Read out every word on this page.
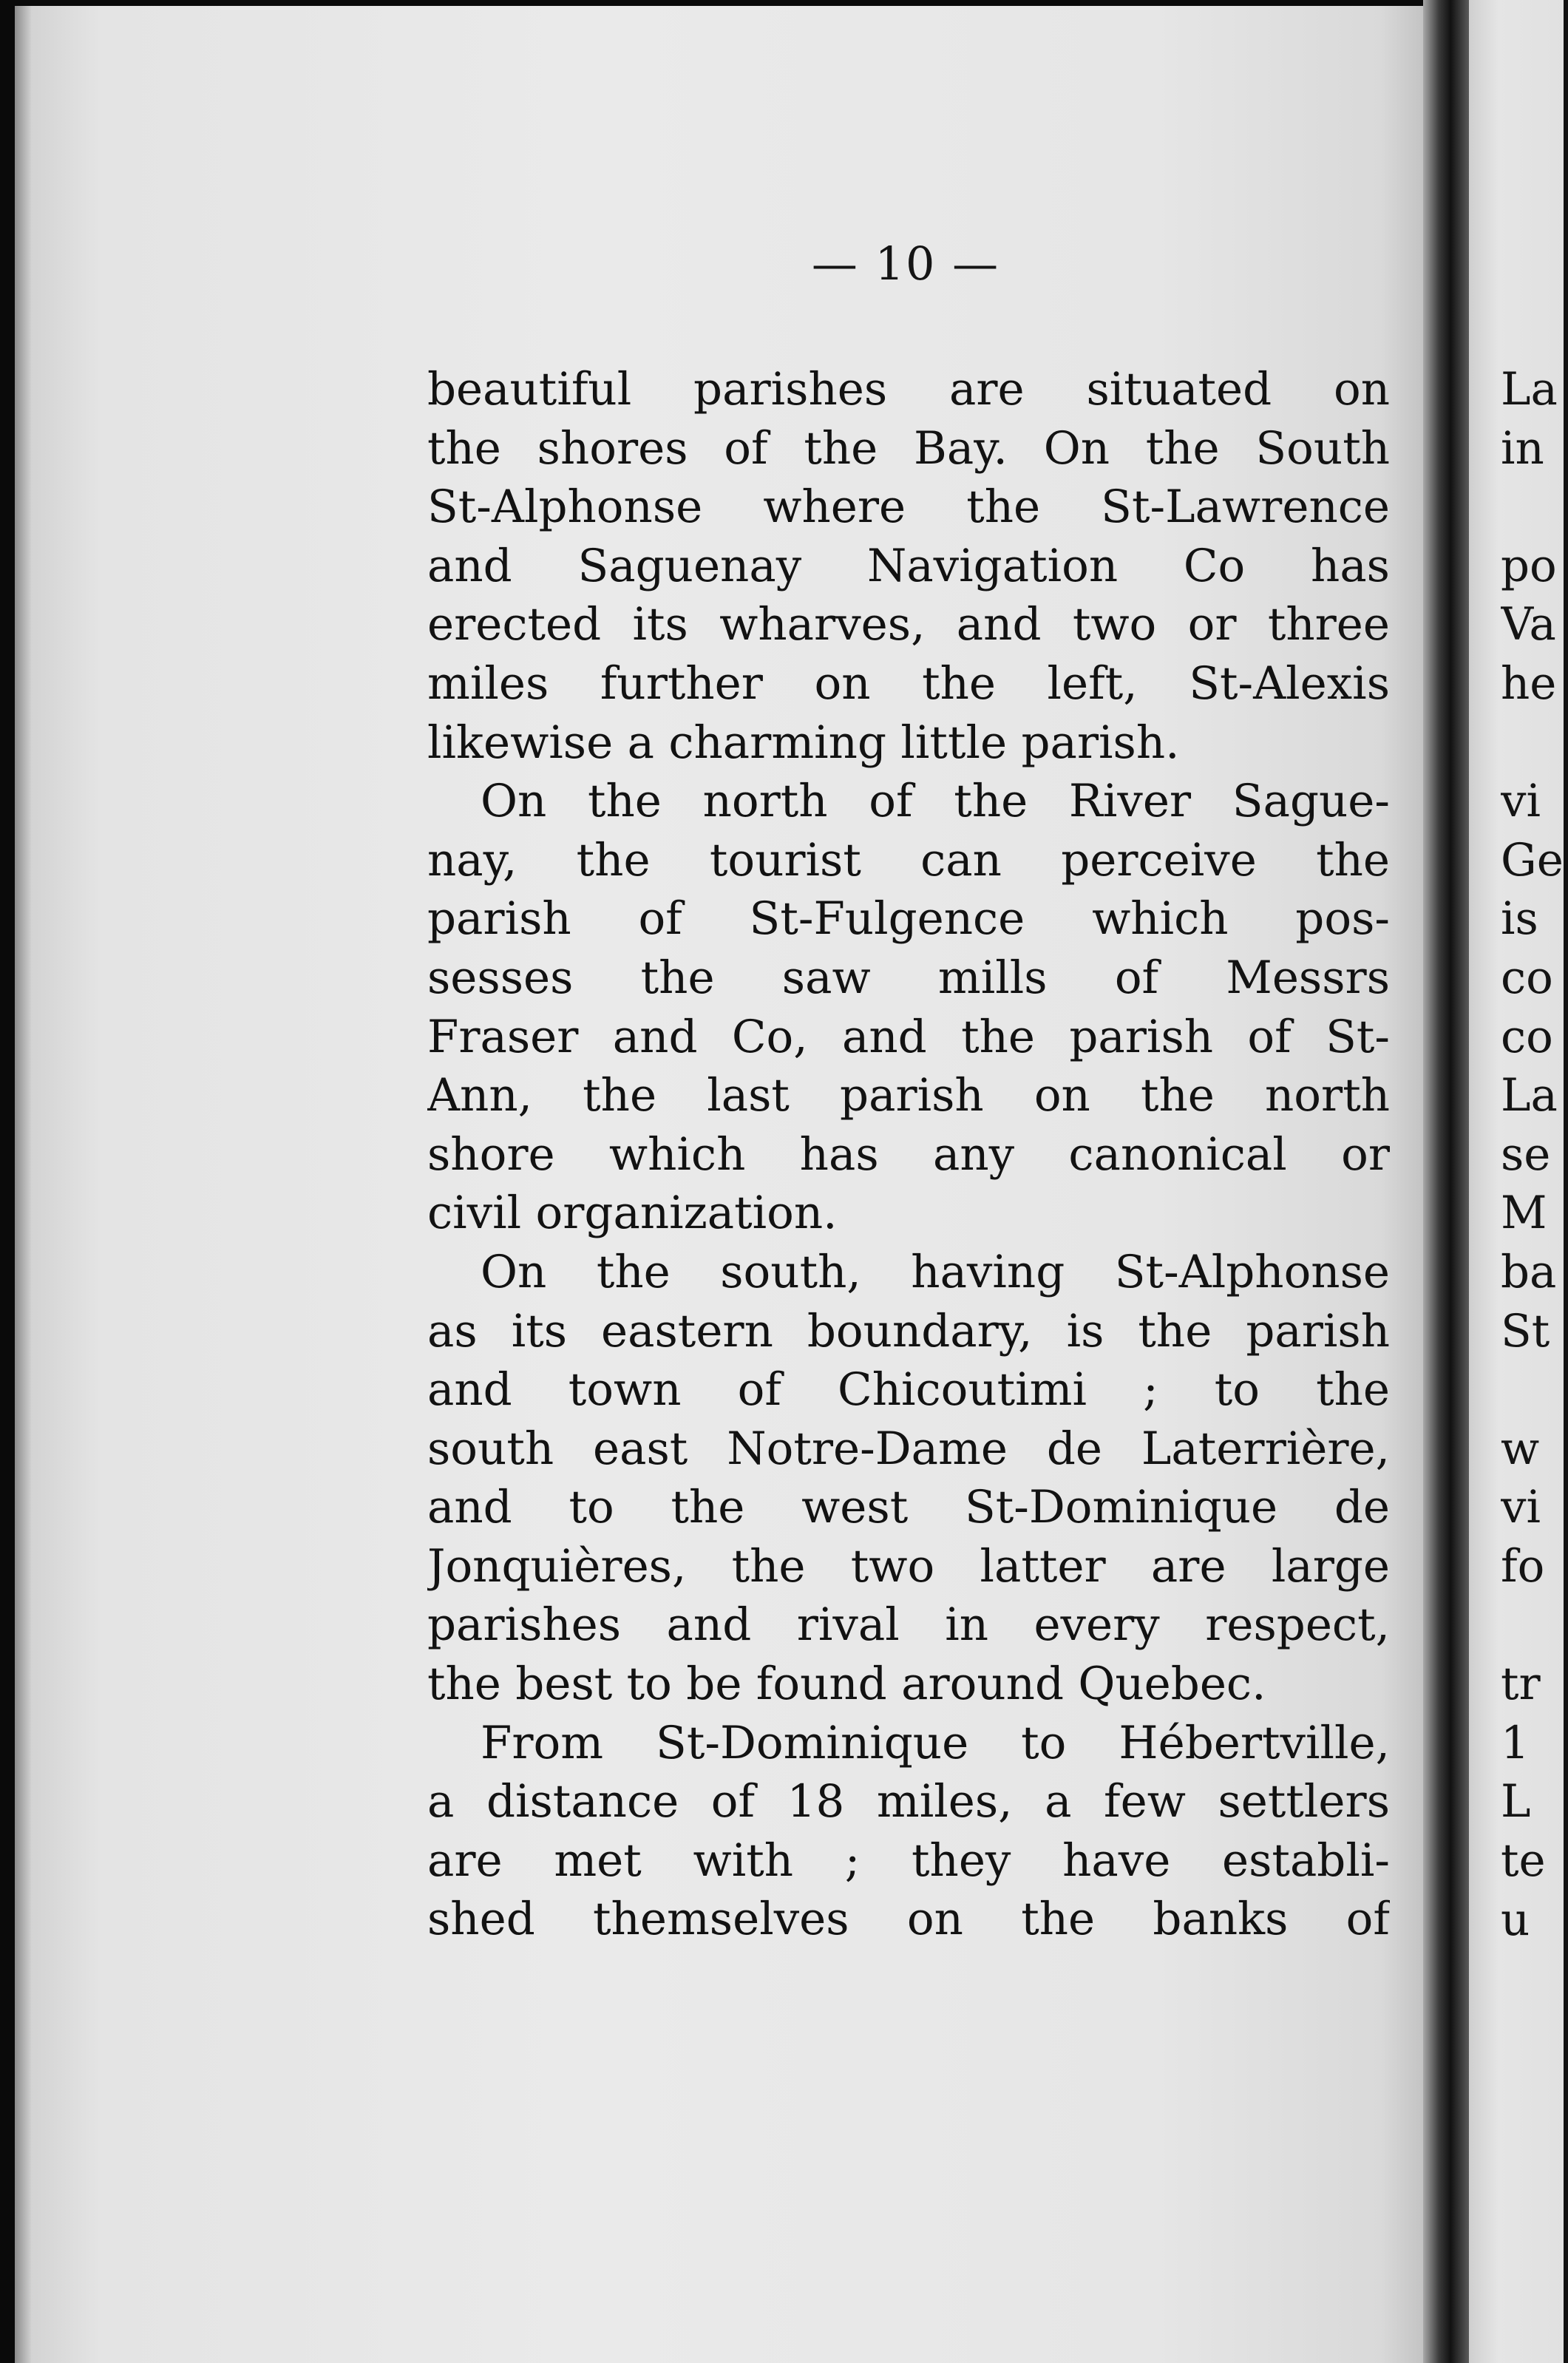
— 10 —
beautiful parishes are situated on
the shores of the Bay. On the South
St-Alphonse where the St-Lawrence
and Saguenay Navigation Co has
erected its wharves, and two or three
miles further on the left, St-Alexis
likewise a charming little parish.
On the north of the River Sague-
nay, the tourist can perceive the
parish of St-Fulgence which pos-
sesses the saw mills of Messrs
Fraser and Co, and the parish of St-
Ann, the last parish on the north
shore which has any canonical or
civil organization.
On the south, having St-Alphonse
as its eastern boundary, is the parish
and town of Chicoutimi ; to the
south east Notre-Dame de Laterrière,
and to the west St-Dominique de
Jonquières, the two latter are large
parishes and rival in every respect,
the best to be found around Quebec.
From St-Dominique to Hébertville,
a distance of 18 miles, a few settlers
are met with ; they have establi-
shed themselves on the banks of
La
in
po
Va
he
vi
Ge
is
co
co
La
se
M
ba
St
w
vi
fo
tr
1
L
te
u
